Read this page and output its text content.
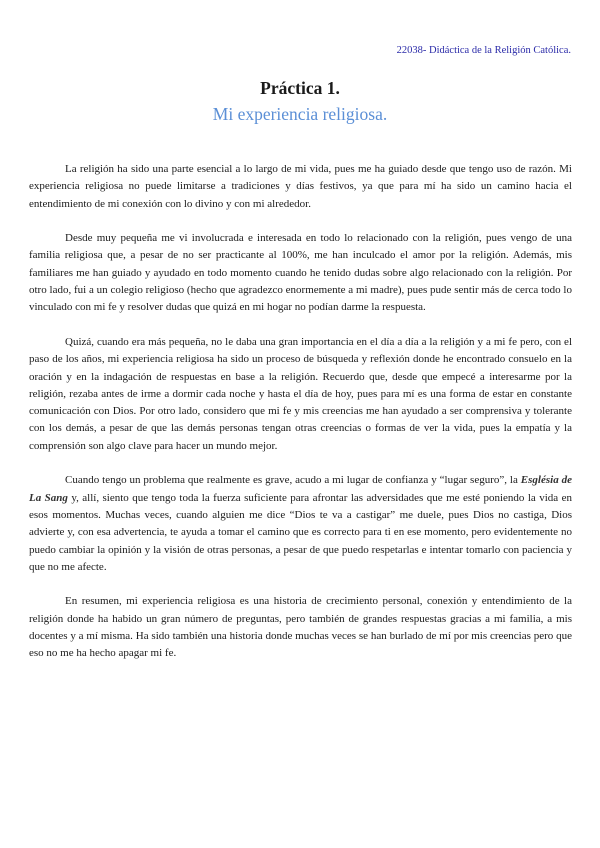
22038- Didáctica de la Religión Católica.
Práctica 1.
Mi experiencia religiosa.

La religión ha sido una parte esencial a lo largo de mi vida, pues me ha guiado desde que tengo uso de razón. Mi experiencia religiosa no puede limitarse a tradiciones y días festivos, ya que para mí ha sido un camino hacia el entendimiento de mi conexión con lo divino y con mi alrededor.

Desde muy pequeña me vi involucrada e interesada en todo lo relacionado con la religión, pues vengo de una familia religiosa que, a pesar de no ser practicante al 100%, me han inculcado el amor por la religión. Además, mis familiares me han guiado y ayudado en todo momento cuando he tenido dudas sobre algo relacionado con la religión. Por otro lado, fui a un colegio religioso (hecho que agradezco enormemente a mi madre), pues pude sentir más de cerca todo lo vinculado con mi fe y resolver dudas que quizá en mi hogar no podían darme la respuesta.

Quizá, cuando era más pequeña, no le daba una gran importancia en el día a día a la religión y a mi fe pero, con el paso de los años, mi experiencia religiosa ha sido un proceso de búsqueda y reflexión donde he encontrado consuelo en la oración y en la indagación de respuestas en base a la religión. Recuerdo que, desde que empecé a interesarme por la religión, rezaba antes de irme a dormir cada noche y hasta el día de hoy, pues para mí es una forma de estar en constante comunicación con Dios. Por otro lado, considero que mi fe y mis creencias me han ayudado a ser comprensiva y tolerante con los demás, a pesar de que las demás personas tengan otras creencias o formas de ver la vida, pues la empatía y la comprensión son algo clave para hacer un mundo mejor.

Cuando tengo un problema que realmente es grave, acudo a mi lugar de confianza y “lugar seguro”, la Església de La Sang y, allí, siento que tengo toda la fuerza suficiente para afrontar las adversidades que me esté poniendo la vida en esos momentos. Muchas veces, cuando alguien me dice “Dios te va a castigar” me duele, pues Dios no castiga, Dios advierte y, con esa advertencia, te ayuda a tomar el camino que es correcto para ti en ese momento, pero evidentemente no puedo cambiar la opinión y la visión de otras personas, a pesar de que puedo respetarlas e intentar tomarlo con paciencia y que no me afecte.

En resumen, mi experiencia religiosa es una historia de crecimiento personal, conexión y entendimiento de la religión donde ha habido un gran número de preguntas, pero también de grandes respuestas gracias a mi familia, a mis docentes y a mí misma. Ha sido también una historia donde muchas veces se han burlado de mí por mis creencias pero que eso no me ha hecho apagar mi fe.
